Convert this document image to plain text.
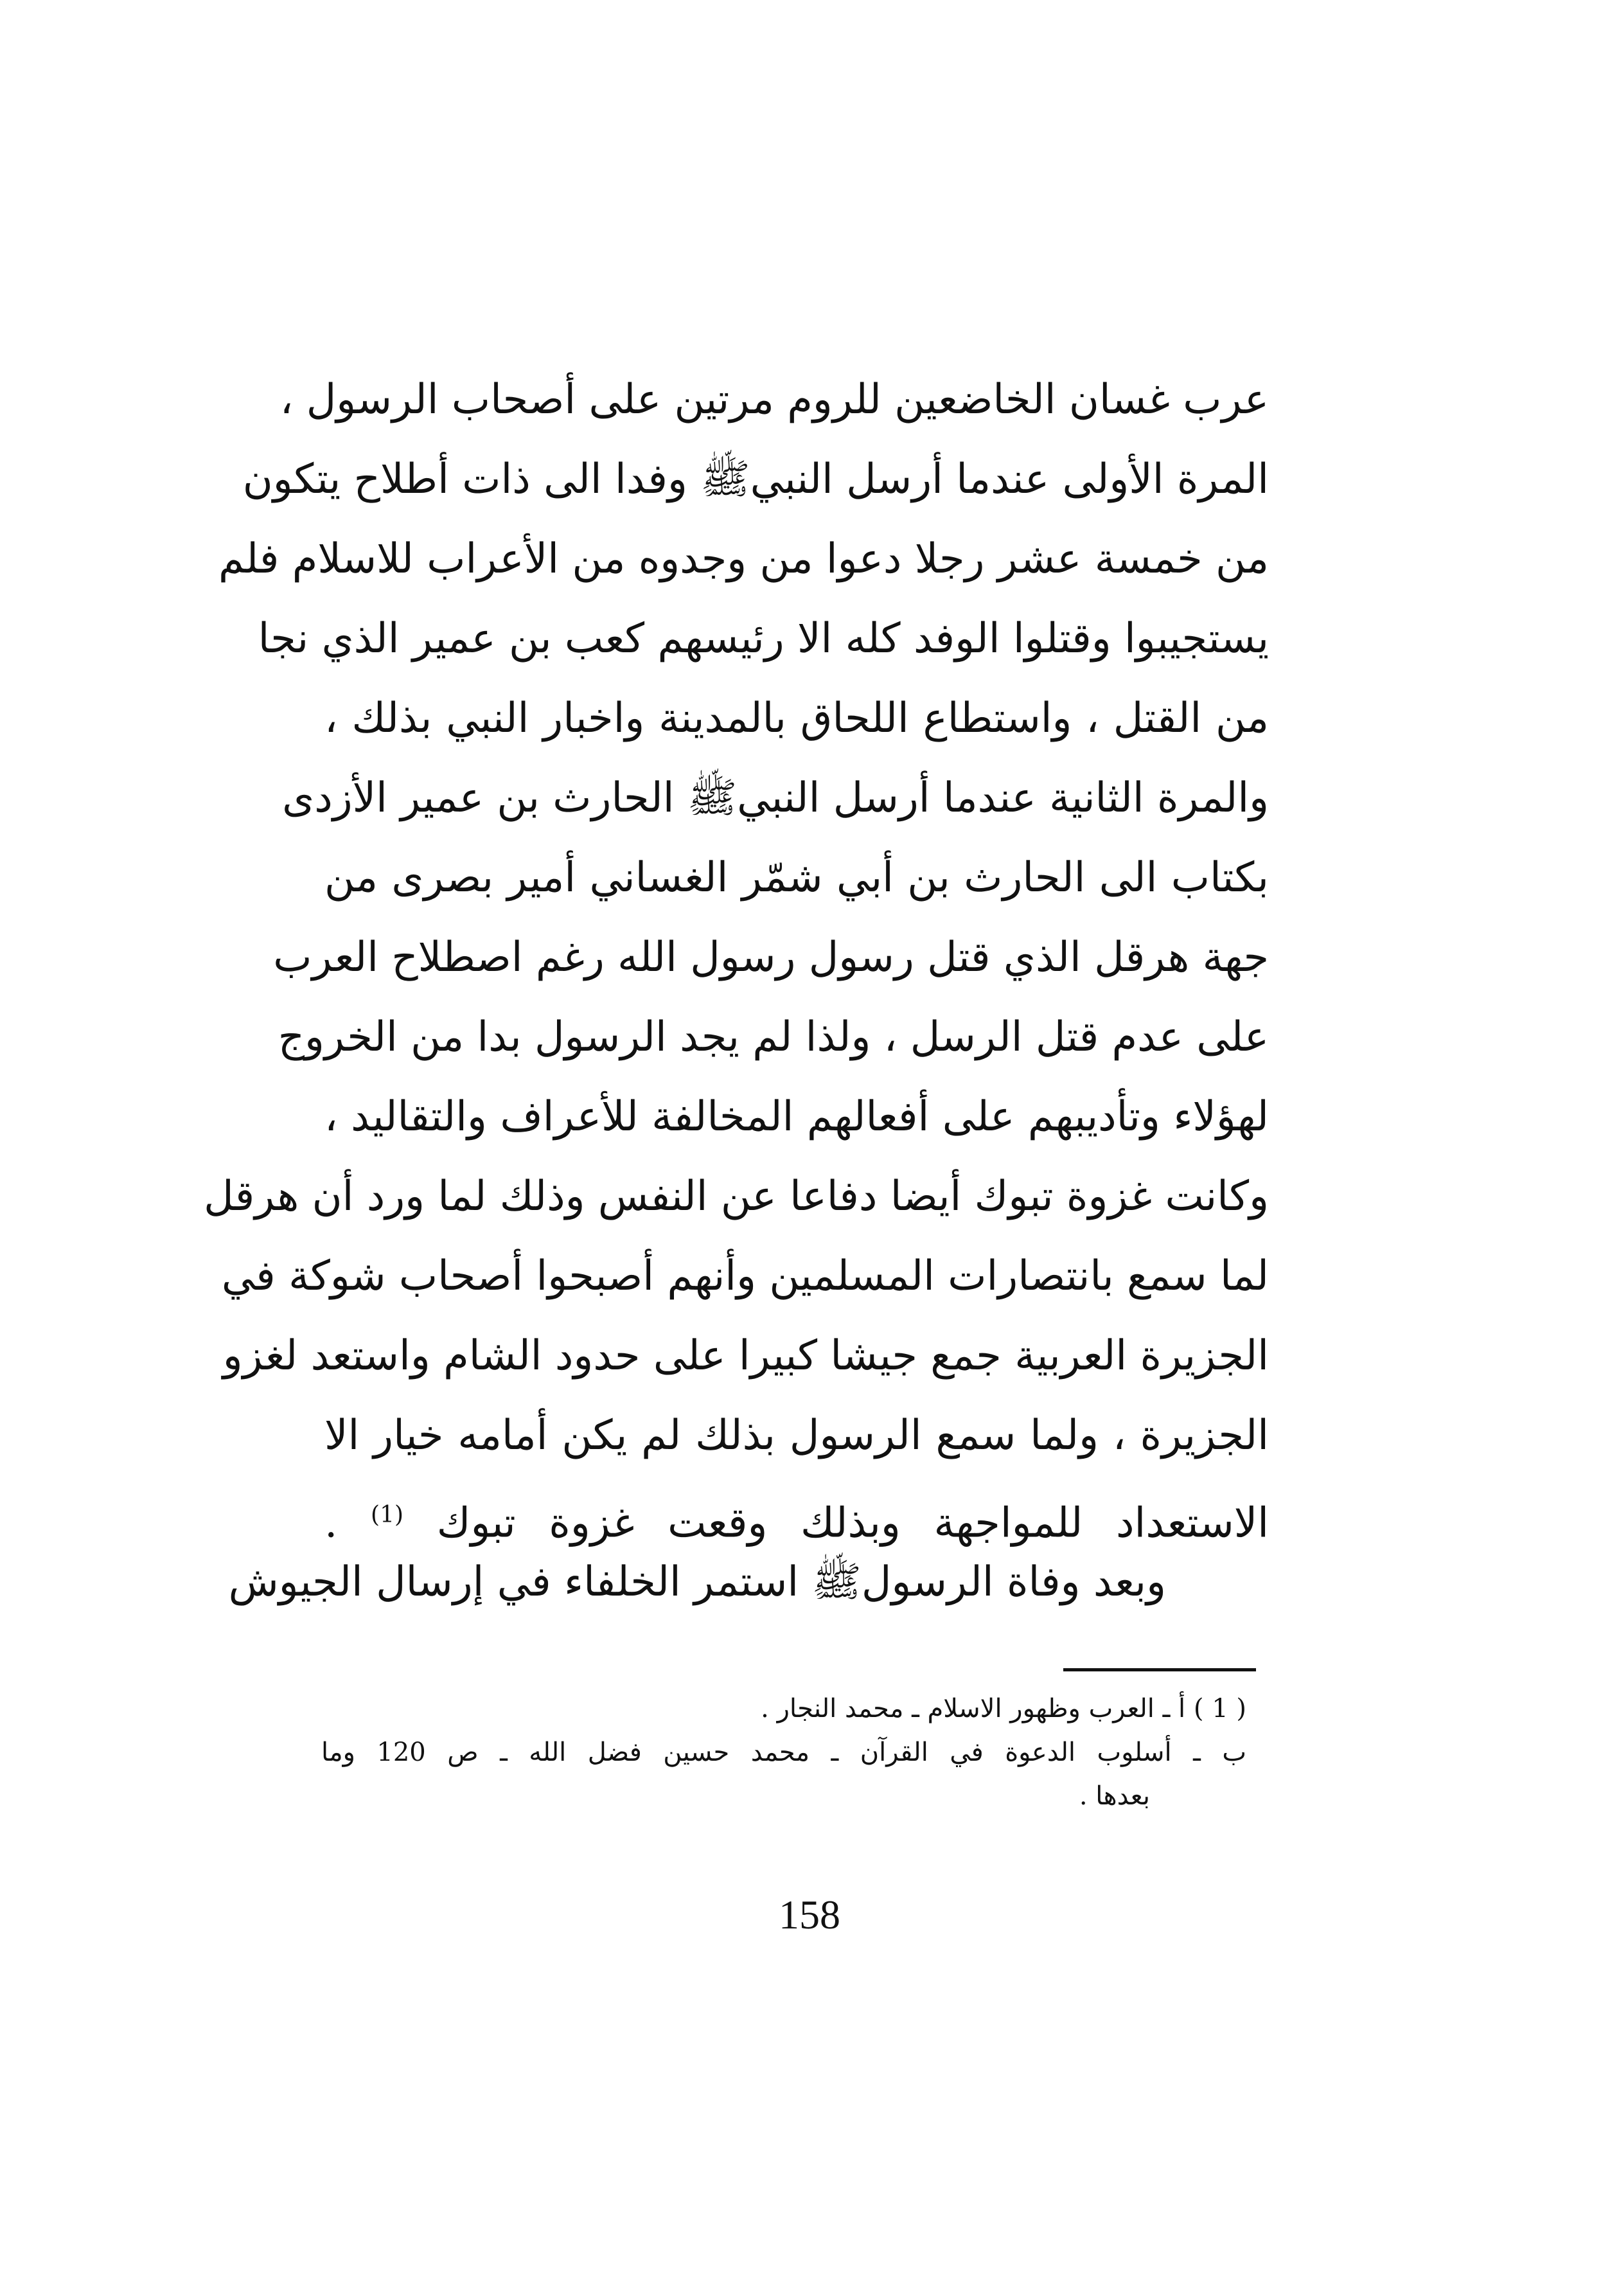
عرب غسان الخاضعين للروم مرتين على أصحاب الرسول ،
المرة الأولى عندما أرسل النبيﷺ وفدا الى ذات أطلاح يتكون
من خمسة عشر رجلا دعوا من وجدوه من الأعراب للاسلام فلم
يستجيبوا وقتلوا الوفد كله الا رئيسهم كعب بن عمير الذي نجا
من القتل ، واستطاع اللحاق بالمدينة واخبار النبي بذلك ،
والمرة الثانية عندما أرسل النبيﷺ الحارث بن عمير الأزدى
بكتاب الى الحارث بن أبي شمّر الغساني أمير بصرى من
جهة هرقل الذي قتل رسول رسول الله رغم اصطلاح العرب
على عدم قتل الرسل ، ولذا لم يجد الرسول بدا من الخروج
لهؤلاء وتأديبهم على أفعالهم المخالفة للأعراف والتقاليد ،
وكانت غزوة تبوك أيضا دفاعا عن النفس وذلك لما ورد أن هرقل
لما سمع بانتصارات المسلمين وأنهم أصبحوا أصحاب شوكة في
الجزيرة العربية جمع جيشا كبيرا على حدود الشام واستعد لغزو
الجزيرة ، ولما سمع الرسول بذلك لم يكن أمامه خيار الا
الاستعداد للمواجهة وبذلك وقعت غزوة تبوك $^{(1)}$ .
وبعد وفاة الرسولﷺ استمر الخلفاء في إرسال الجيوش
( 1 ) أ ـ العرب وظهور الاسلام ـ محمد النجار .
ب ـ أسلوب الدعوة في القرآن ـ محمد حسين فضل الله ـ ص 120 وما
بعدها .
158
